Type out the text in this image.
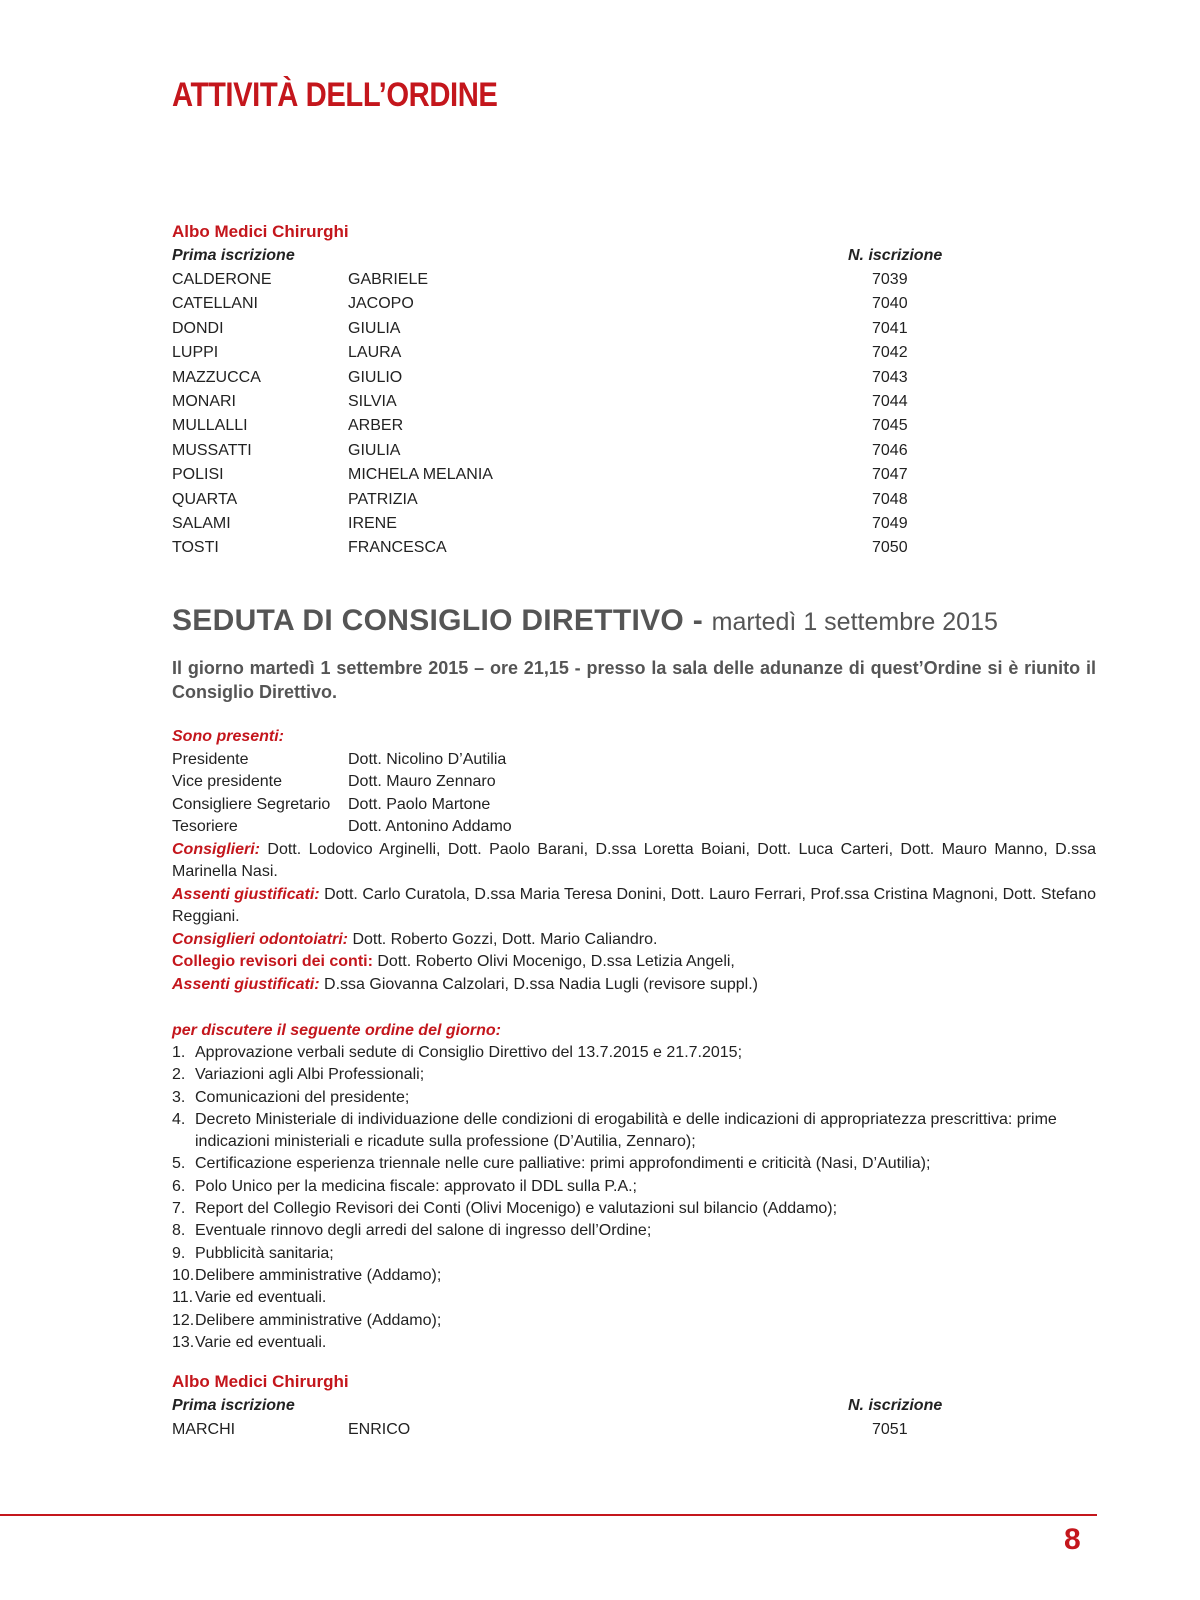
ATTIVITÀ DELL’ORDINE
Albo Medici Chirurghi
Prima iscrizione	N. iscrizione
CALDERONE	GABRIELE	7039
CATELLANI	JACOPO	7040
DONDI	GIULIA	7041
LUPPI	LAURA	7042
MAZZUCCA	GIULIO	7043
MONARI	SILVIA	7044
MULLALLI	ARBER	7045
MUSSATTI	GIULIA	7046
POLISI	MICHELA MELANIA	7047
QUARTA	PATRIZIA	7048
SALAMI	IRENE	7049
TOSTI	FRANCESCA	7050
SEDUTA DI CONSIGLIO DIRETTIVO - martedì 1 settembre 2015
Il giorno martedì 1 settembre 2015 – ore 21,15 - presso la sala delle adunanze di quest’Ordine si è riunito il Consiglio Direttivo.
Sono presenti:
Presidente	Dott. Nicolino D’Autilia
Vice presidente	Dott. Mauro Zennaro
Consigliere Segretario Dott. Paolo Martone
Tesoriere	Dott. Antonino Addamo
Consiglieri: Dott. Lodovico Arginelli, Dott. Paolo Barani, D.ssa Loretta Boiani, Dott. Luca Carteri, Dott. Mauro Manno, D.ssa Marinella Nasi.
Assenti giustificati: Dott. Carlo Curatola, D.ssa Maria Teresa Donini, Dott. Lauro Ferrari, Prof.ssa Cristina Magnoni, Dott. Stefano Reggiani.
Consiglieri odontoiatri: Dott. Roberto Gozzi, Dott. Mario Caliandro.
Collegio revisori dei conti: Dott. Roberto Olivi Mocenigo, D.ssa Letizia Angeli,
Assenti giustificati: D.ssa Giovanna Calzolari, D.ssa Nadia Lugli (revisore suppl.)
per discutere il seguente ordine del giorno:
1. Approvazione verbali sedute di Consiglio Direttivo del 13.7.2015 e 21.7.2015;
2. Variazioni agli Albi Professionali;
3. Comunicazioni del presidente;
4. Decreto Ministeriale di individuazione delle condizioni di erogabilità e delle indicazioni di appropriatezza prescrittiva: prime indicazioni ministeriali e ricadute sulla professione (D’Autilia, Zennaro);
5. Certificazione esperienza triennale nelle cure palliative: primi approfondimenti e criticità (Nasi, D’Autilia);
6. Polo Unico per la medicina fiscale: approvato il DDL sulla P.A.;
7. Report del Collegio Revisori dei Conti (Olivi Mocenigo) e valutazioni sul bilancio (Addamo);
8. Eventuale rinnovo degli arredi del salone di ingresso dell’Ordine;
9. Pubblicità sanitaria;
10. Delibere amministrative (Addamo);
11. Varie ed eventuali.
12. Delibere amministrative (Addamo);
13. Varie ed eventuali.
Albo Medici Chirurghi
Prima iscrizione	N. iscrizione
MARCHI	ENRICO	7051
8
